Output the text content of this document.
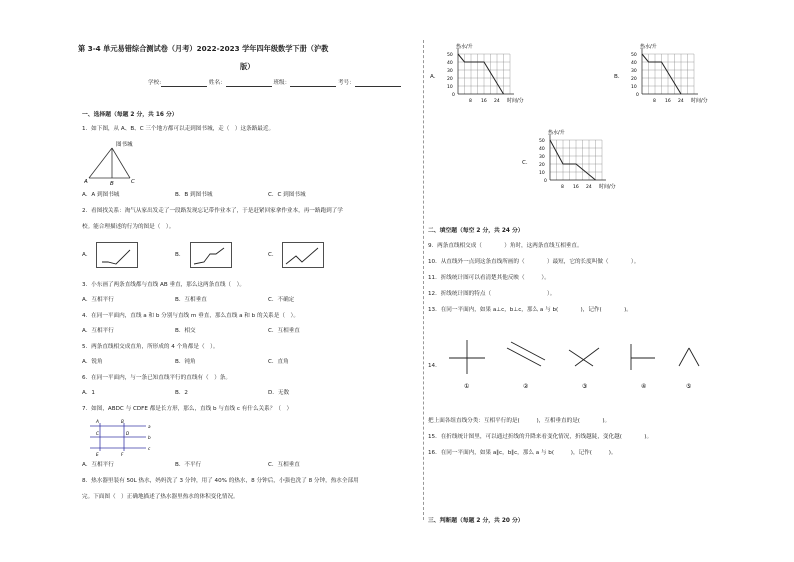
第 3-4 单元易错综合测试卷（月考）2022-2023 学年四年级数学下册（沪教
版）
学校:	姓名：	班级：	考号：
一、选择题（每题 2 分，共 16 分）
1．如下图，从 A、B、C 三个地方都可以走到图书城，走（　）这条路最近。
图书城
A	B	C
A．A 到图书城	B．B 到图书城	C．C 到图书城
2．看图找关系：淘气从家出发走了一段路发现忘记带作业本了，于是赶紧回家拿作业本，再一路跑到了学
校。能合理描述的行为的图是（　）。
A．	B．	C．
3．小东画了两条直线都与直线 AB 垂直，那么这两条直线（　）。
A．互相平行	B．互相垂直	C．不确定
4．在同一平面内，直线 a 和 b 分别与直线 m 垂直，那么直线 a 和 b 的关系是（　）。
A．互相平行	B．相交	C．互相垂直
5．两条直线相交成直角，所形成的 4 个角都是（　）。
A．锐角	B．钝角	C．直角
6．在同一平面内，与一条已知直线平行的直线有（　）条。
A．1	B．2	D．无数
7．如图，ABDC 与 CDFE 都是长方形，那么，直线 b 与直线 c 有什么关系？（　）
A	B
C	D
E	F
a
b
c
A．互相平行	B．不平行	C．互相垂直
8．热水器里装有 50L 热水，妈妈洗了 3 分钟，用了 40% 的热水，8 分钟后，小强也洗了 8 分钟，热水全部用
完。下面图（　）正确地描述了热水器里热水的体积变化情况。
A．
热水/升
50
40
30
20
10
0
8 16 24 时间/分
B．
热水/升
50
40
30
20
10
0
8 16 24 时间/分
C．
热水/升
50
40
30
20
10
0
8 16 24 时间/分
二、填空题（每空 2 分，共 24 分）
9．两条直线相交成（　　　　）角时，这两条直线互相垂直。
10．从直线外一点到这条直线所画的（　　　　）最短，它的长度叫做（　　　　）。
11．折线统计图可以看清楚其他反映（　　　）。
12．折线统计图的特点（　　　　　　　　　　）。
13．在同一平面内，如果 a⊥c，b⊥c，那么 a 与 b(　　　　)，记作(　　　　)。
14．
①	②	③	④	⑤
把上面各组直线分类：互相平行的是(　　　)，互相垂直的是(　　　　)。
15．在折线统计图里，可以通过折线的升降来看变化情况，折线越陡，变化越(　　　　)。
16．在同一平面内，如果 a∥c，b∥c，那么 a 与 b(　　　)，记作(　　　)。
三、判断题（每题 2 分，共 20 分）
